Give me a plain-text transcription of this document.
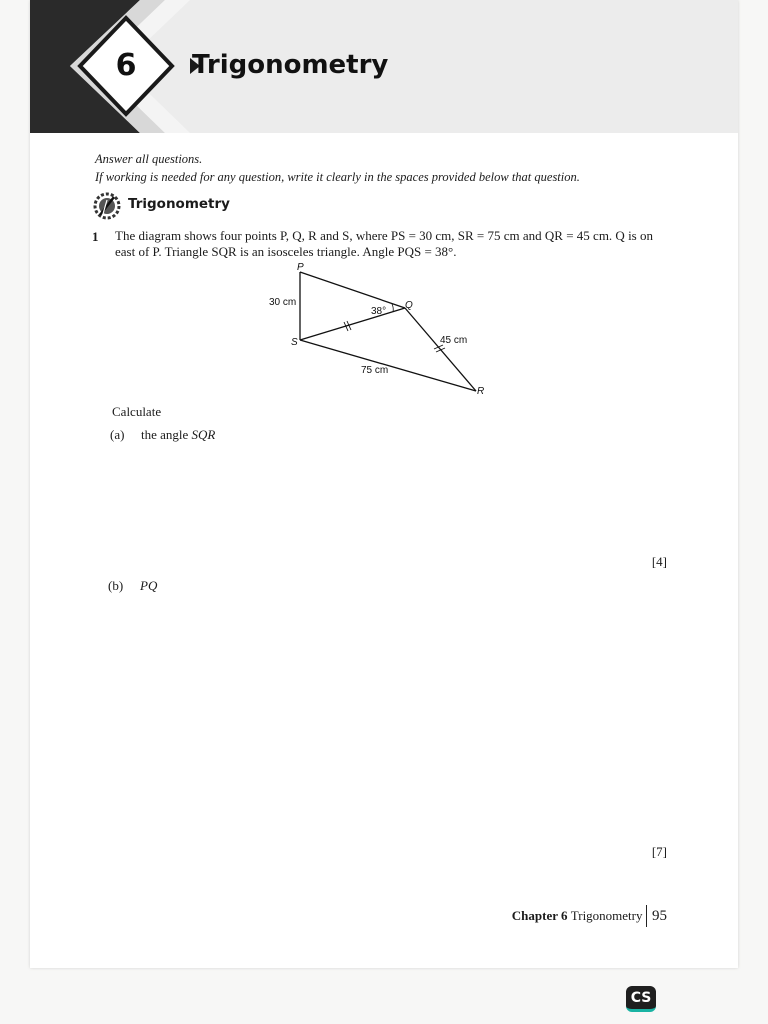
6	Trigonometry
Answer all questions.
If working is needed for any question, write it clearly in the spaces provided below that question.
Trigonometry
1 The diagram shows four points P, Q, R and S, where PS = 30 cm, SR = 75 cm and QR = 45 cm. Q is on east of P. Triangle SQR is an isosceles triangle. Angle PQS = 38°.
P
Q
R
S
30 cm
38°
45 cm
75 cm
Calculate
(a) the angle SQR
[4]
(b) PQ
[7]
Chapter 6
Trigonometry 95
CS
